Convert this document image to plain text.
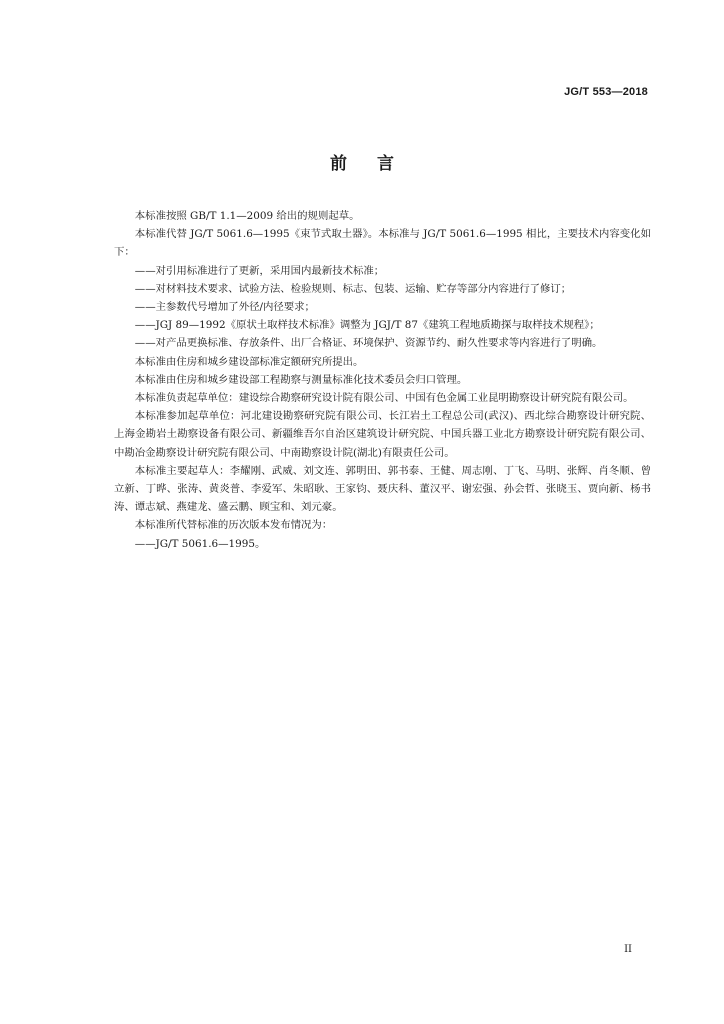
JG/T 553—2018
前言

本标准按照 GB/T 1.1—2009 给出的规则起草。

本标准代替 JG/T 5061.6—1995《束节式取土器》。本标准与 JG/T 5061.6—1995 相比，主要技术内容变化如下：

——对引用标准进行了更新，采用国内最新技术标准；

——对材料技术要求、试验方法、检验规则、标志、包装、运输、贮存等部分内容进行了修订；

——主参数代号增加了外径/内径要求；

——JGJ 89—1992《原状土取样技术标准》调整为 JGJ/T 87《建筑工程地质勘探与取样技术规程》；

——对产品更换标准、存放条件、出厂合格证、环境保护、资源节约、耐久性要求等内容进行了明确。

本标准由住房和城乡建设部标准定额研究所提出。

本标准由住房和城乡建设部工程勘察与测量标准化技术委员会归口管理。

本标准负责起草单位：建设综合勘察研究设计院有限公司、中国有色金属工业昆明勘察设计研究院有限公司。

本标准参加起草单位：河北建设勘察研究院有限公司、长江岩土工程总公司(武汉)、西北综合勘察设计研究院、上海金勘岩土勘察设备有限公司、新疆维吾尔自治区建筑设计研究院、中国兵器工业北方勘察设计研究院有限公司、中勘冶金勘察设计研究院有限公司、中南勘察设计院(湖北)有限责任公司。

本标准主要起草人：李耀刚、武威、刘文连、郭明田、郭书泰、王健、周志刚、丁飞、马明、张辉、肖冬顺、曾立新、丁晔、张涛、黄炎普、李爱军、朱昭耿、王家钧、聂庆科、董汉平、谢宏强、孙会哲、张晓玉、贾向新、杨书涛、谭志斌、燕建龙、盛云鹏、顾宝和、刘元豪。

本标准所代替标准的历次版本发布情况为：

——JG/T 5061.6—1995。

II
